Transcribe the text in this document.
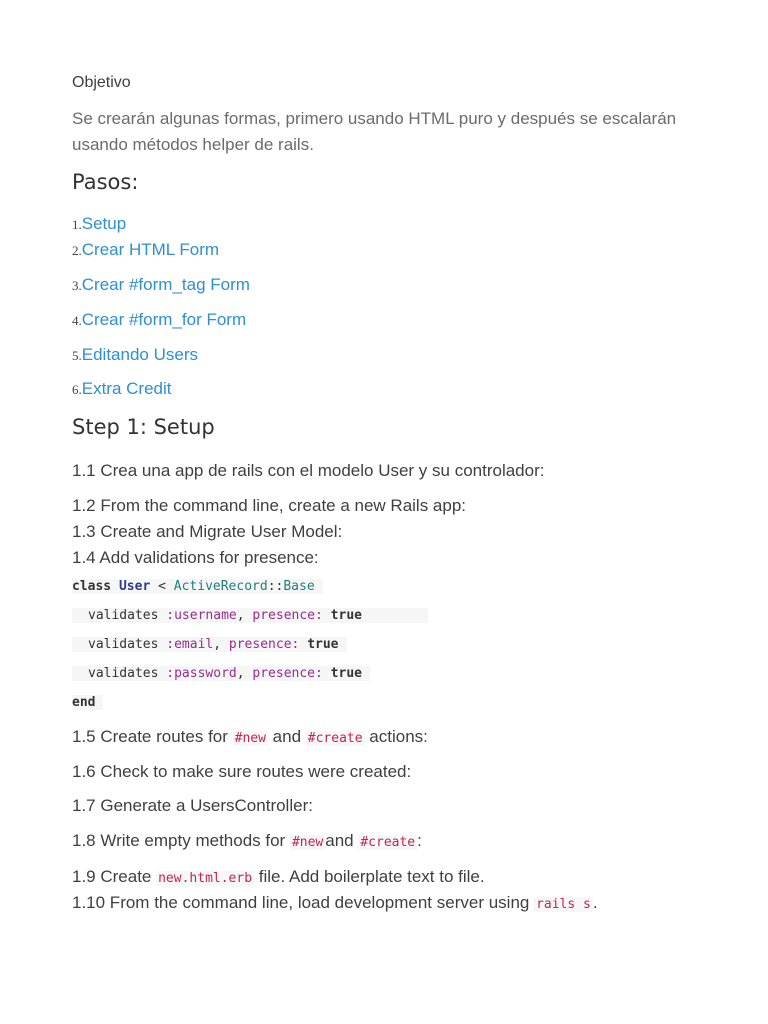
Objetivo
Se crearán algunas formas, primero usando HTML puro y después se escalarán
usando métodos helper de rails.
Pasos:
1.Setup
2.Crear HTML Form
3.Crear #form_tag Form
4.Crear #form_for Form
5.Editando Users
6.Extra Credit
Step 1: Setup
1.1 Crea una app de rails con el modelo User y su controlador:
1.2 From the command line, create a new Rails app:
1.3 Create and Migrate User Model:
1.4 Add validations for presence:
class User < ActiveRecord::Base
validates :username, presence: true
validates :email, presence: true
validates :password, presence: true
end
1.5 Create routes for #new and #create actions:
1.6 Check to make sure routes were created:
1.7 Generate a UsersController:
1.8 Write empty methods for #new and #create :
1.9 Create new.html.erb file. Add boilerplate text to file.
1.10 From the command line, load development server using rails s .
